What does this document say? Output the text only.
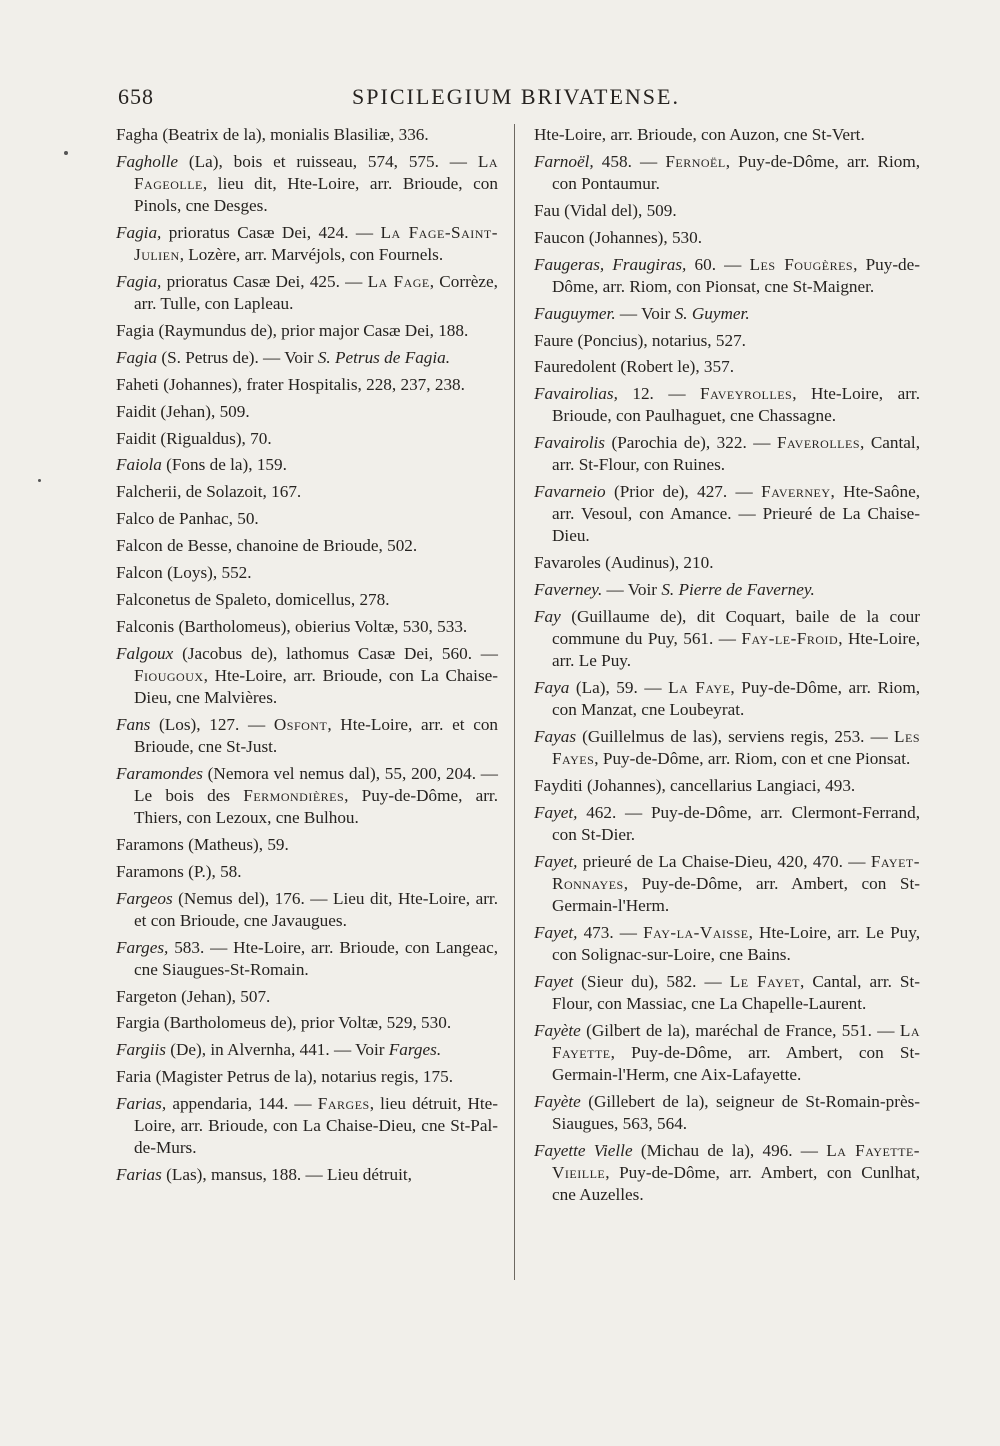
658	SPICILEGIUM BRIVATENSE.

Fagha (Beatrix de la), monialis Blasiliæ, 336.

Fagholle (La), bois et ruisseau, 574, 575. — La Fageolle, lieu dit, Hte-Loire, arr. Brioude, con Pinols, cne Desges.

Fagia, prioratus Casæ Dei, 424. — La Fage-Saint-Julien, Lozère, arr. Marvéjols, con Fournels.

Fagia, prioratus Casæ Dei, 425. — La Fage, Corrèze, arr. Tulle, con Lapleau.

Fagia (Raymundus de), prior major Casæ Dei, 188.

Fagia (S. Petrus de). — Voir S. Petrus de Fagia.

Faheti (Johannes), frater Hospitalis, 228, 237, 238.

Faidit (Jehan), 509.

Faidit (Rigualdus), 70.

Faiola (Fons de la), 159.

Falcherii, de Solazoit, 167.

Falco de Panhac, 50.

Falcon de Besse, chanoine de Brioude, 502.

Falcon (Loys), 552.

Falconetus de Spaleto, domicellus, 278.

Falconis (Bartholomeus), obierius Voltæ, 530, 533.

Falgoux (Jacobus de), lathomus Casæ Dei, 560. — Fiougoux, Hte-Loire, arr. Brioude, con La Chaise-Dieu, cne Malvières.

Fans (Los), 127. — Osfont, Hte-Loire, arr. et con Brioude, cne St-Just.

Faramondes (Nemora vel nemus dal), 55, 200, 204. — Le bois des Fermondières, Puy-de-Dôme, arr. Thiers, con Lezoux, cne Bulhou.

Faramons (Matheus), 59.

Faramons (P.), 58.

Fargeos (Nemus del), 176. — Lieu dit, Hte-Loire, arr. et con Brioude, cne Javaugues.

Farges, 583. — Hte-Loire, arr. Brioude, con Langeac, cne Siaugues-St-Romain.

Fargeton (Jehan), 507.

Fargia (Bartholomeus de), prior Voltæ, 529, 530.

Fargiis (De), in Alvernha, 441. — Voir Farges.

Faria (Magister Petrus de la), notarius regis, 175.

Farias, appendaria, 144. — Farges, lieu détruit, Hte-Loire, arr. Brioude, con La Chaise-Dieu, cne St-Pal-de-Murs.

Farias (Las), mansus, 188. — Lieu détruit,

Hte-Loire, arr. Brioude, con Auzon, cne St-Vert.

Farnoël, 458. — Fernoël, Puy-de-Dôme, arr. Riom, con Pontaumur.

Fau (Vidal del), 509.

Faucon (Johannes), 530.

Faugeras, Fraugiras, 60. — Les Fougères, Puy-de-Dôme, arr. Riom, con Pionsat, cne St-Maigner.

Fauguymer. — Voir S. Guymer.

Faure (Poncius), notarius, 527.

Fauredolent (Robert le), 357.

Favairolias, 12. — Faveyrolles, Hte-Loire, arr. Brioude, con Paulhaguet, cne Chassagne.

Favairolis (Parochia de), 322. — Faverolles, Cantal, arr. St-Flour, con Ruines.

Favarneio (Prior de), 427. — Faverney, Hte-Saône, arr. Vesoul, con Amance. — Prieuré de La Chaise-Dieu.

Favaroles (Audinus), 210.

Faverney. — Voir S. Pierre de Faverney.

Fay (Guillaume de), dit Coquart, baile de la cour commune du Puy, 561. — Fay-le-Froid, Hte-Loire, arr. Le Puy.

Faya (La), 59. — La Faye, Puy-de-Dôme, arr. Riom, con Manzat, cne Loubeyrat.

Fayas (Guillelmus de las), serviens regis, 253. — Les Fayes, Puy-de-Dôme, arr. Riom, con et cne Pionsat.

Fayditi (Johannes), cancellarius Langiaci, 493.

Fayet, 462. — Puy-de-Dôme, arr. Clermont-Ferrand, con St-Dier.

Fayet, prieuré de La Chaise-Dieu, 420, 470. — Fayet-Ronnayes, Puy-de-Dôme, arr. Ambert, con St-Germain-l'Herm.

Fayet, 473. — Fay-la-Vaisse, Hte-Loire, arr. Le Puy, con Solignac-sur-Loire, cne Bains.

Fayet (Sieur du), 582. — Le Fayet, Cantal, arr. St-Flour, con Massiac, cne La Chapelle-Laurent.

Fayète (Gilbert de la), maréchal de France, 551. — La Fayette, Puy-de-Dôme, arr. Ambert, con St-Germain-l'Herm, cne Aix-Lafayette.

Fayète (Gillebert de la), seigneur de St-Romain-près-Siaugues, 563, 564.

Fayette Vielle (Michau de la), 496. — La Fayette-Vieille, Puy-de-Dôme, arr. Ambert, con Cunlhat, cne Auzelles.
